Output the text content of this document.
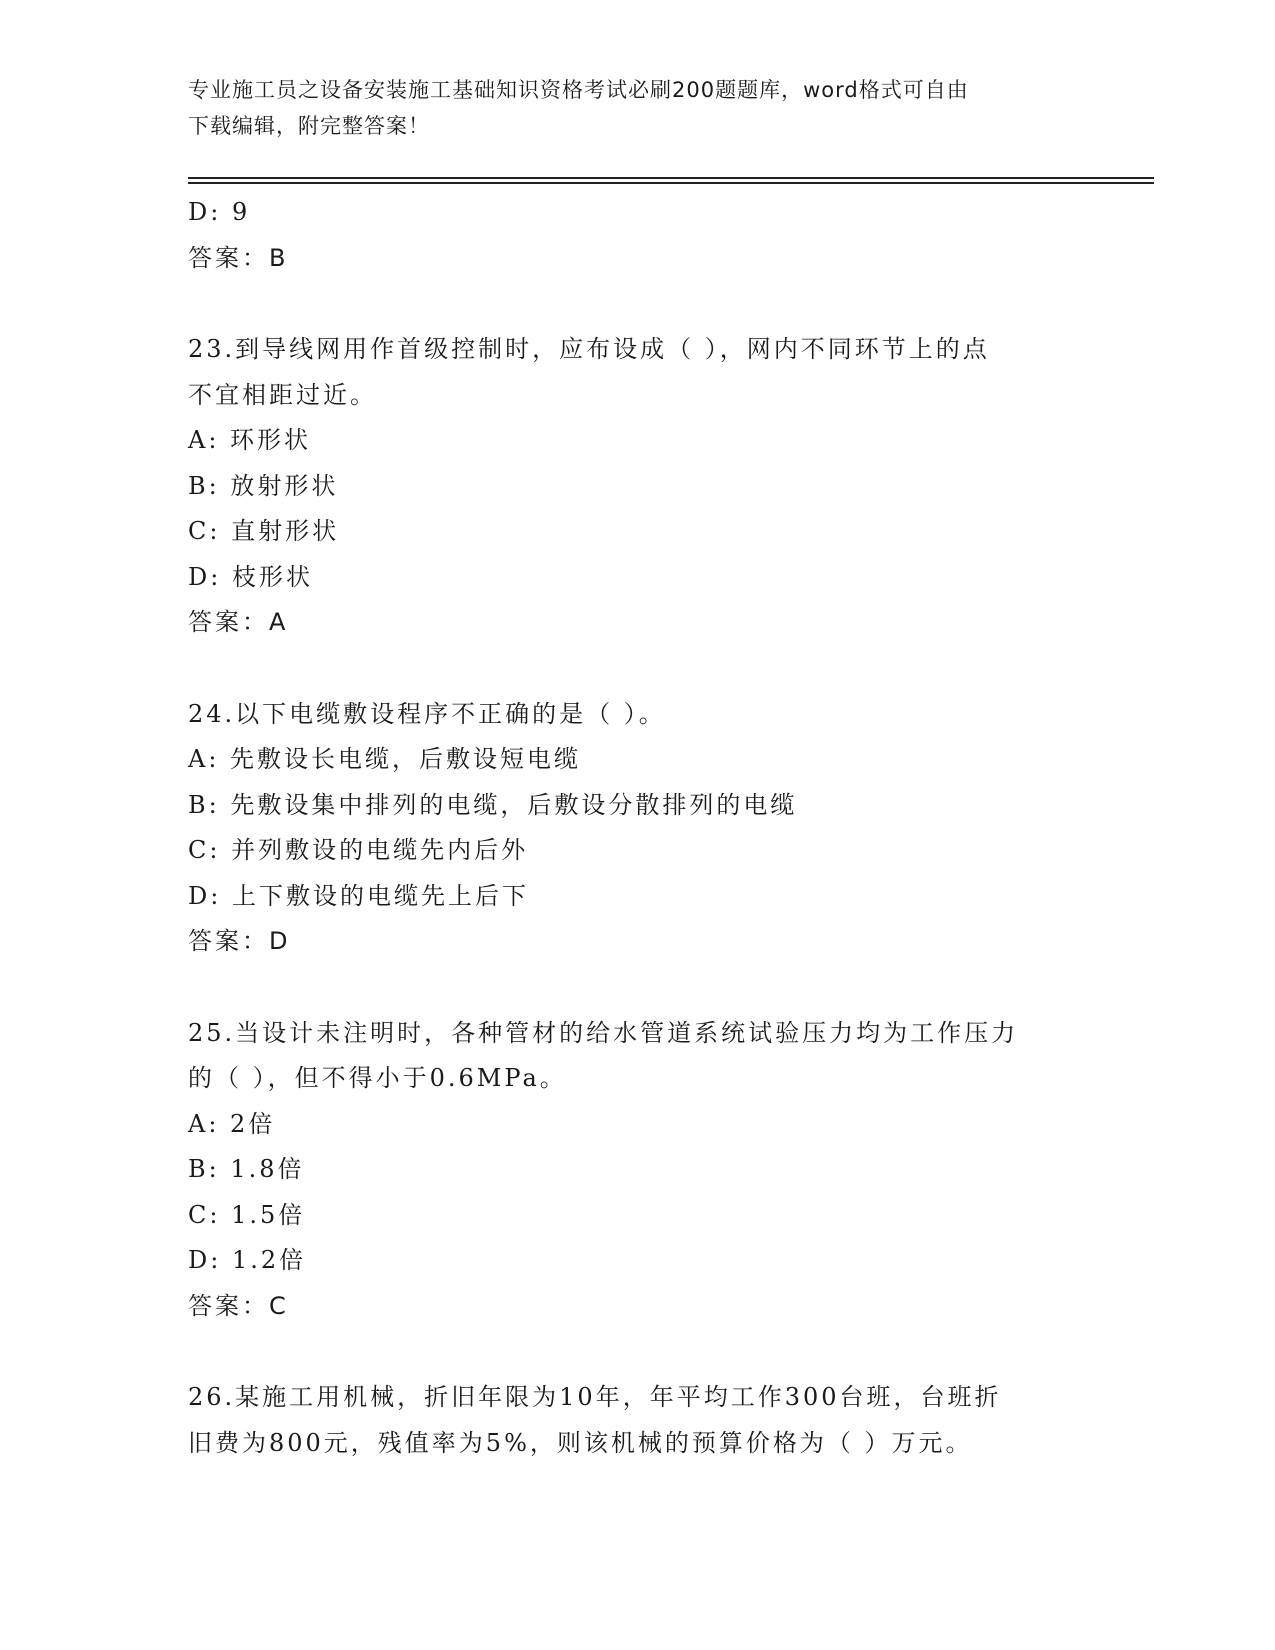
专业施工员之设备安装施工基础知识资格考试必刷200题题库，word格式可自由
下载编辑，附完整答案！
D: 9
答案：B
23.到导线网用作首级控制时，应布设成（ ），网内不同环节上的点
不宜相距过近。
A: 环形状
B: 放射形状
C: 直射形状
D: 枝形状
答案：A
24.以下电缆敷设程序不正确的是（ ）。
A: 先敷设长电缆，后敷设短电缆
B: 先敷设集中排列的电缆，后敷设分散排列的电缆
C: 并列敷设的电缆先内后外
D: 上下敷设的电缆先上后下
答案：D
25.当设计未注明时，各种管材的给水管道系统试验压力均为工作压力
的（ ），但不得小于0.6MPa。
A: 2倍
B: 1.8倍
C: 1.5倍
D: 1.2倍
答案：C
26.某施工用机械，折旧年限为10年，年平均工作300台班，台班折
旧费为800元，残值率为5%，则该机械的预算价格为（ ）万元。
